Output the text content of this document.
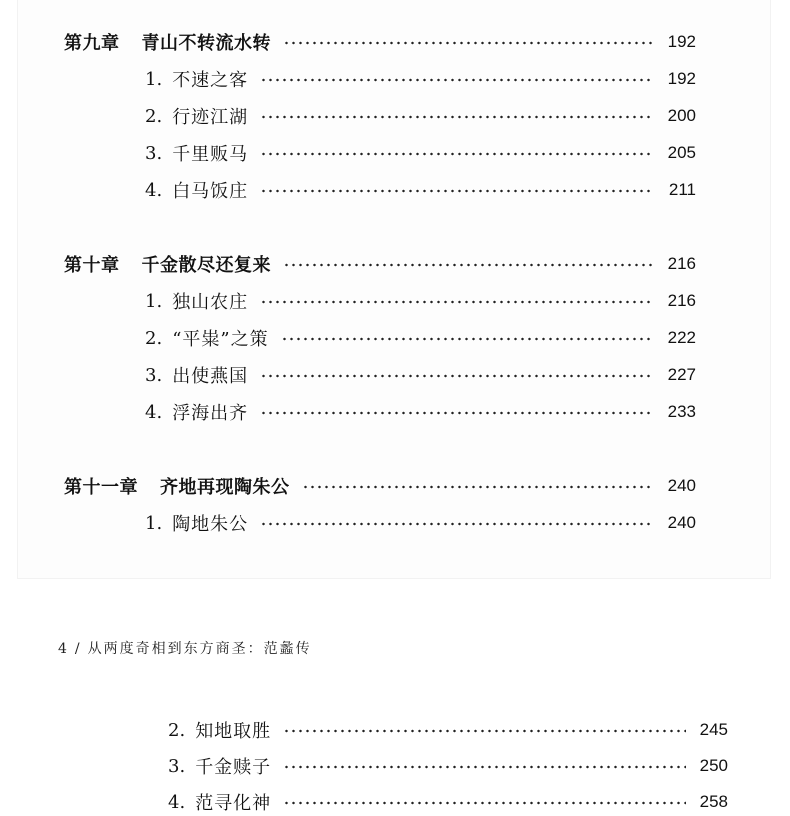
第九章 青山不转流水转	192
1. 不速之客	192
2. 行迹江湖	200
3. 千里贩马	205
4. 白马饭庄	211
第十章 千金散尽还复来	216
1. 独山农庄	216
2. “平粜”之策	222
3. 出使燕国	227
4. 浮海出齐	233
第十一章 齐地再现陶朱公	240
1. 陶地朱公	240
4 / 从两度奇相到东方商圣：范蠡传
2. 知地取胜	245
3. 千金赎子	250
4. 范寻化神	258
